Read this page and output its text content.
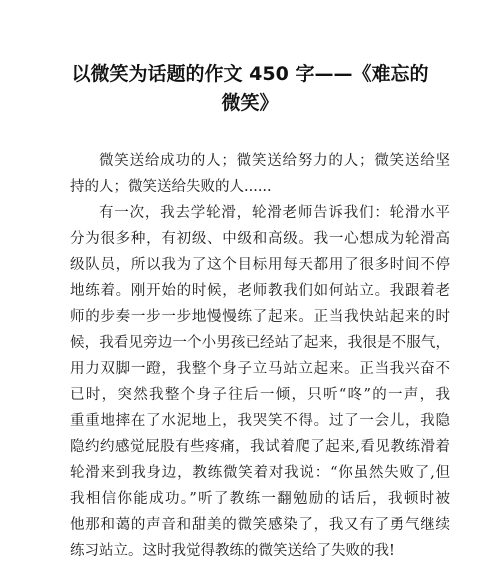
以微笑为话题的作文 450 字——《难忘的
微笑》
微笑送给成功的人；微笑送给努力的人；微笑送给坚
持的人；微笑送给失败的人......
有一次，我去学轮滑，轮滑老师告诉我们：轮滑水平
分为很多种，有初级、中级和高级。我一心想成为轮滑高
级队员，所以我为了这个目标用每天都用了很多时间不停
地练着。刚开始的时候，老师教我们如何站立。我跟着老
师的步奏一步一步地慢慢练了起来。正当我快站起来的时
候，我看见旁边一个小男孩已经站了起来，我很是不服气，
用力双脚一蹬，我整个身子立马站立起来。正当我兴奋不
已时，突然我整个身子往后一倾，只听“咚”的一声，我
重重地摔在了水泥地上，我哭笑不得。过了一会儿，我隐
隐约约感觉屁股有些疼痛，我试着爬了起来,看见教练滑着
轮滑来到我身边，教练微笑着对我说：“你虽然失败了,但
我相信你能成功。”听了教练一翻勉励的话后，我顿时被
他那和蔼的声音和甜美的微笑感染了，我又有了勇气继续
练习站立。这时我觉得教练的微笑送给了失败的我!
